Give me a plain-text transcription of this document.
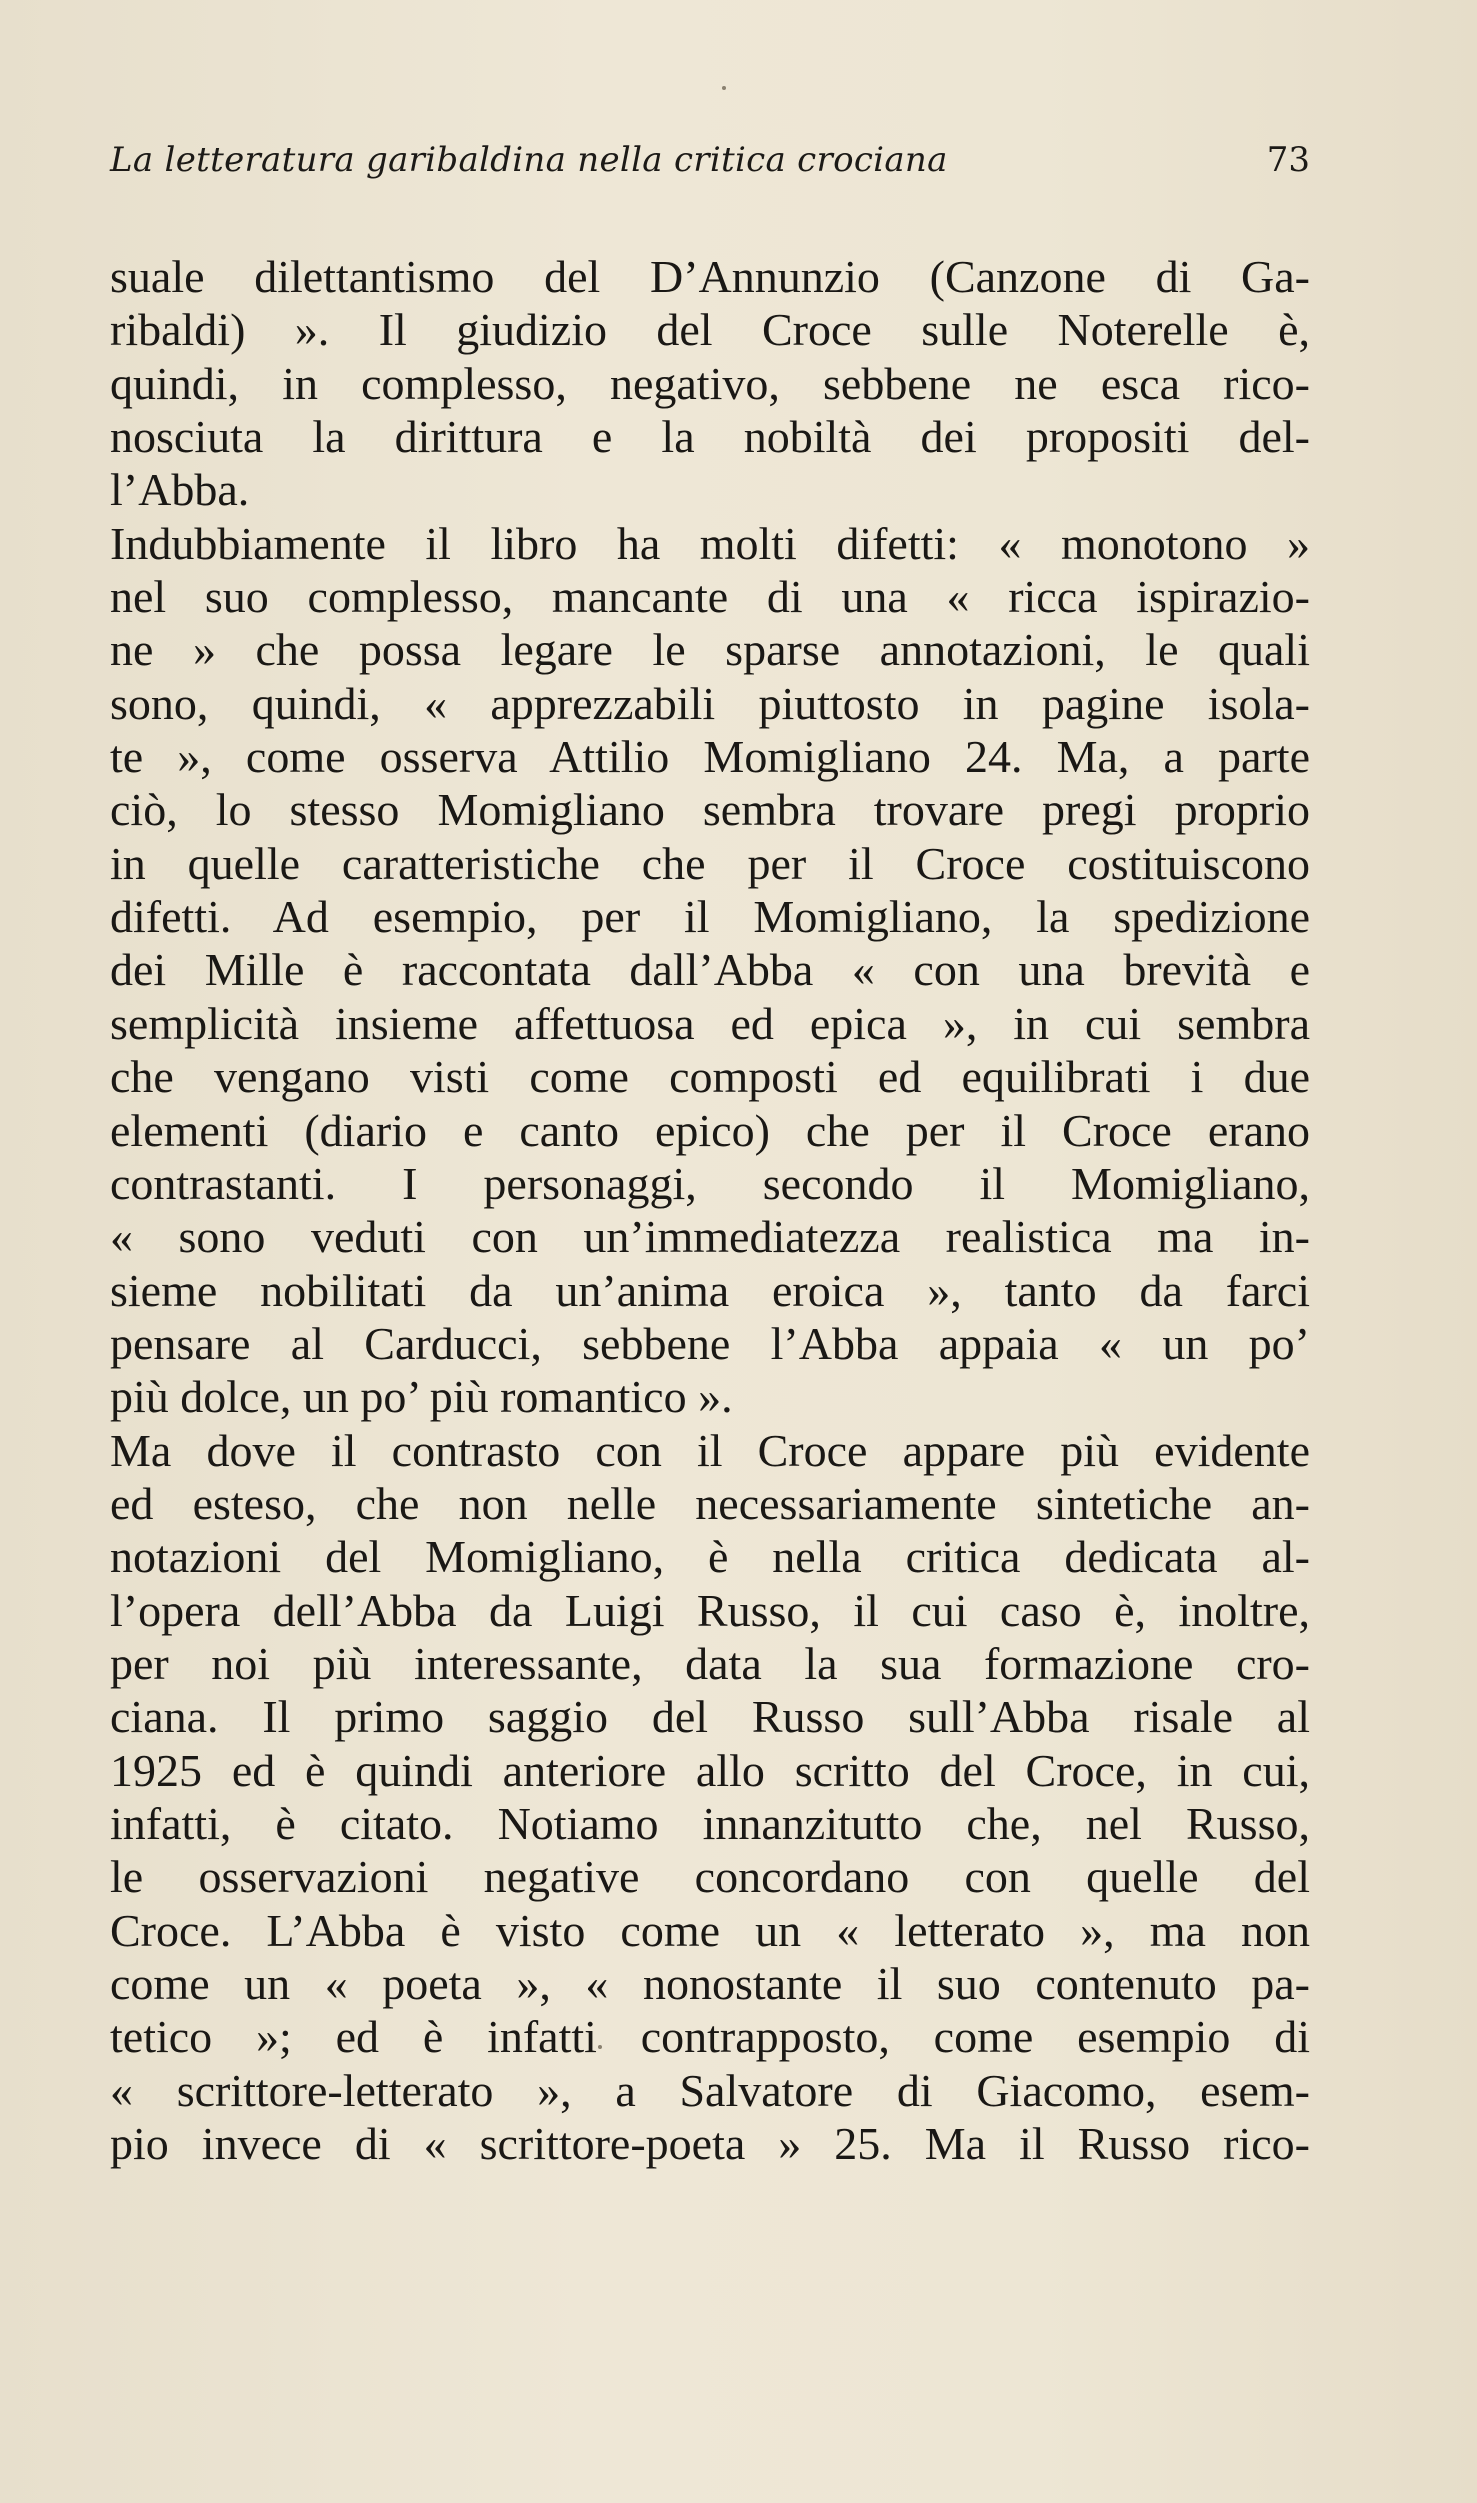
La letteratura garibaldina nella critica crociana	73
suale dilettantismo del D’Annunzio (Canzone di Ga-
ribaldi) ». Il giudizio del Croce sulle Noterelle è,
quindi, in complesso, negativo, sebbene ne esca rico-
nosciuta la dirittura e la nobiltà dei propositi del-
l’Abba.
Indubbiamente il libro ha molti difetti: « monotono »
nel suo complesso, mancante di una « ricca ispirazio-
ne » che possa legare le sparse annotazioni, le quali
sono, quindi, « apprezzabili piuttosto in pagine isola-
te », come osserva Attilio Momigliano 24. Ma, a parte
ciò, lo stesso Momigliano sembra trovare pregi proprio
in quelle caratteristiche che per il Croce costituiscono
difetti. Ad esempio, per il Momigliano, la spedizione
dei Mille è raccontata dall’Abba « con una brevità e
semplicità insieme affettuosa ed epica », in cui sembra
che vengano visti come composti ed equilibrati i due
elementi (diario e canto epico) che per il Croce erano
contrastanti. I personaggi, secondo il Momigliano,
« sono veduti con un’immediatezza realistica ma in-
sieme nobilitati da un’anima eroica », tanto da farci
pensare al Carducci, sebbene l’Abba appaia « un po’
più dolce, un po’ più romantico ».
Ma dove il contrasto con il Croce appare più evidente
ed esteso, che non nelle necessariamente sintetiche an-
notazioni del Momigliano, è nella critica dedicata al-
l’opera dell’Abba da Luigi Russo, il cui caso è, inoltre,
per noi più interessante, data la sua formazione cro-
ciana. Il primo saggio del Russo sull’Abba risale al
1925 ed è quindi anteriore allo scritto del Croce, in cui,
infatti, è citato. Notiamo innanzitutto che, nel Russo,
le osservazioni negative concordano con quelle del
Croce. L’Abba è visto come un « letterato », ma non
come un « poeta », « nonostante il suo contenuto pa-
tetico »; ed è infatti contrapposto, come esempio di
« scrittore-letterato », a Salvatore di Giacomo, esem-
pio invece di « scrittore-poeta » 25. Ma il Russo rico-
